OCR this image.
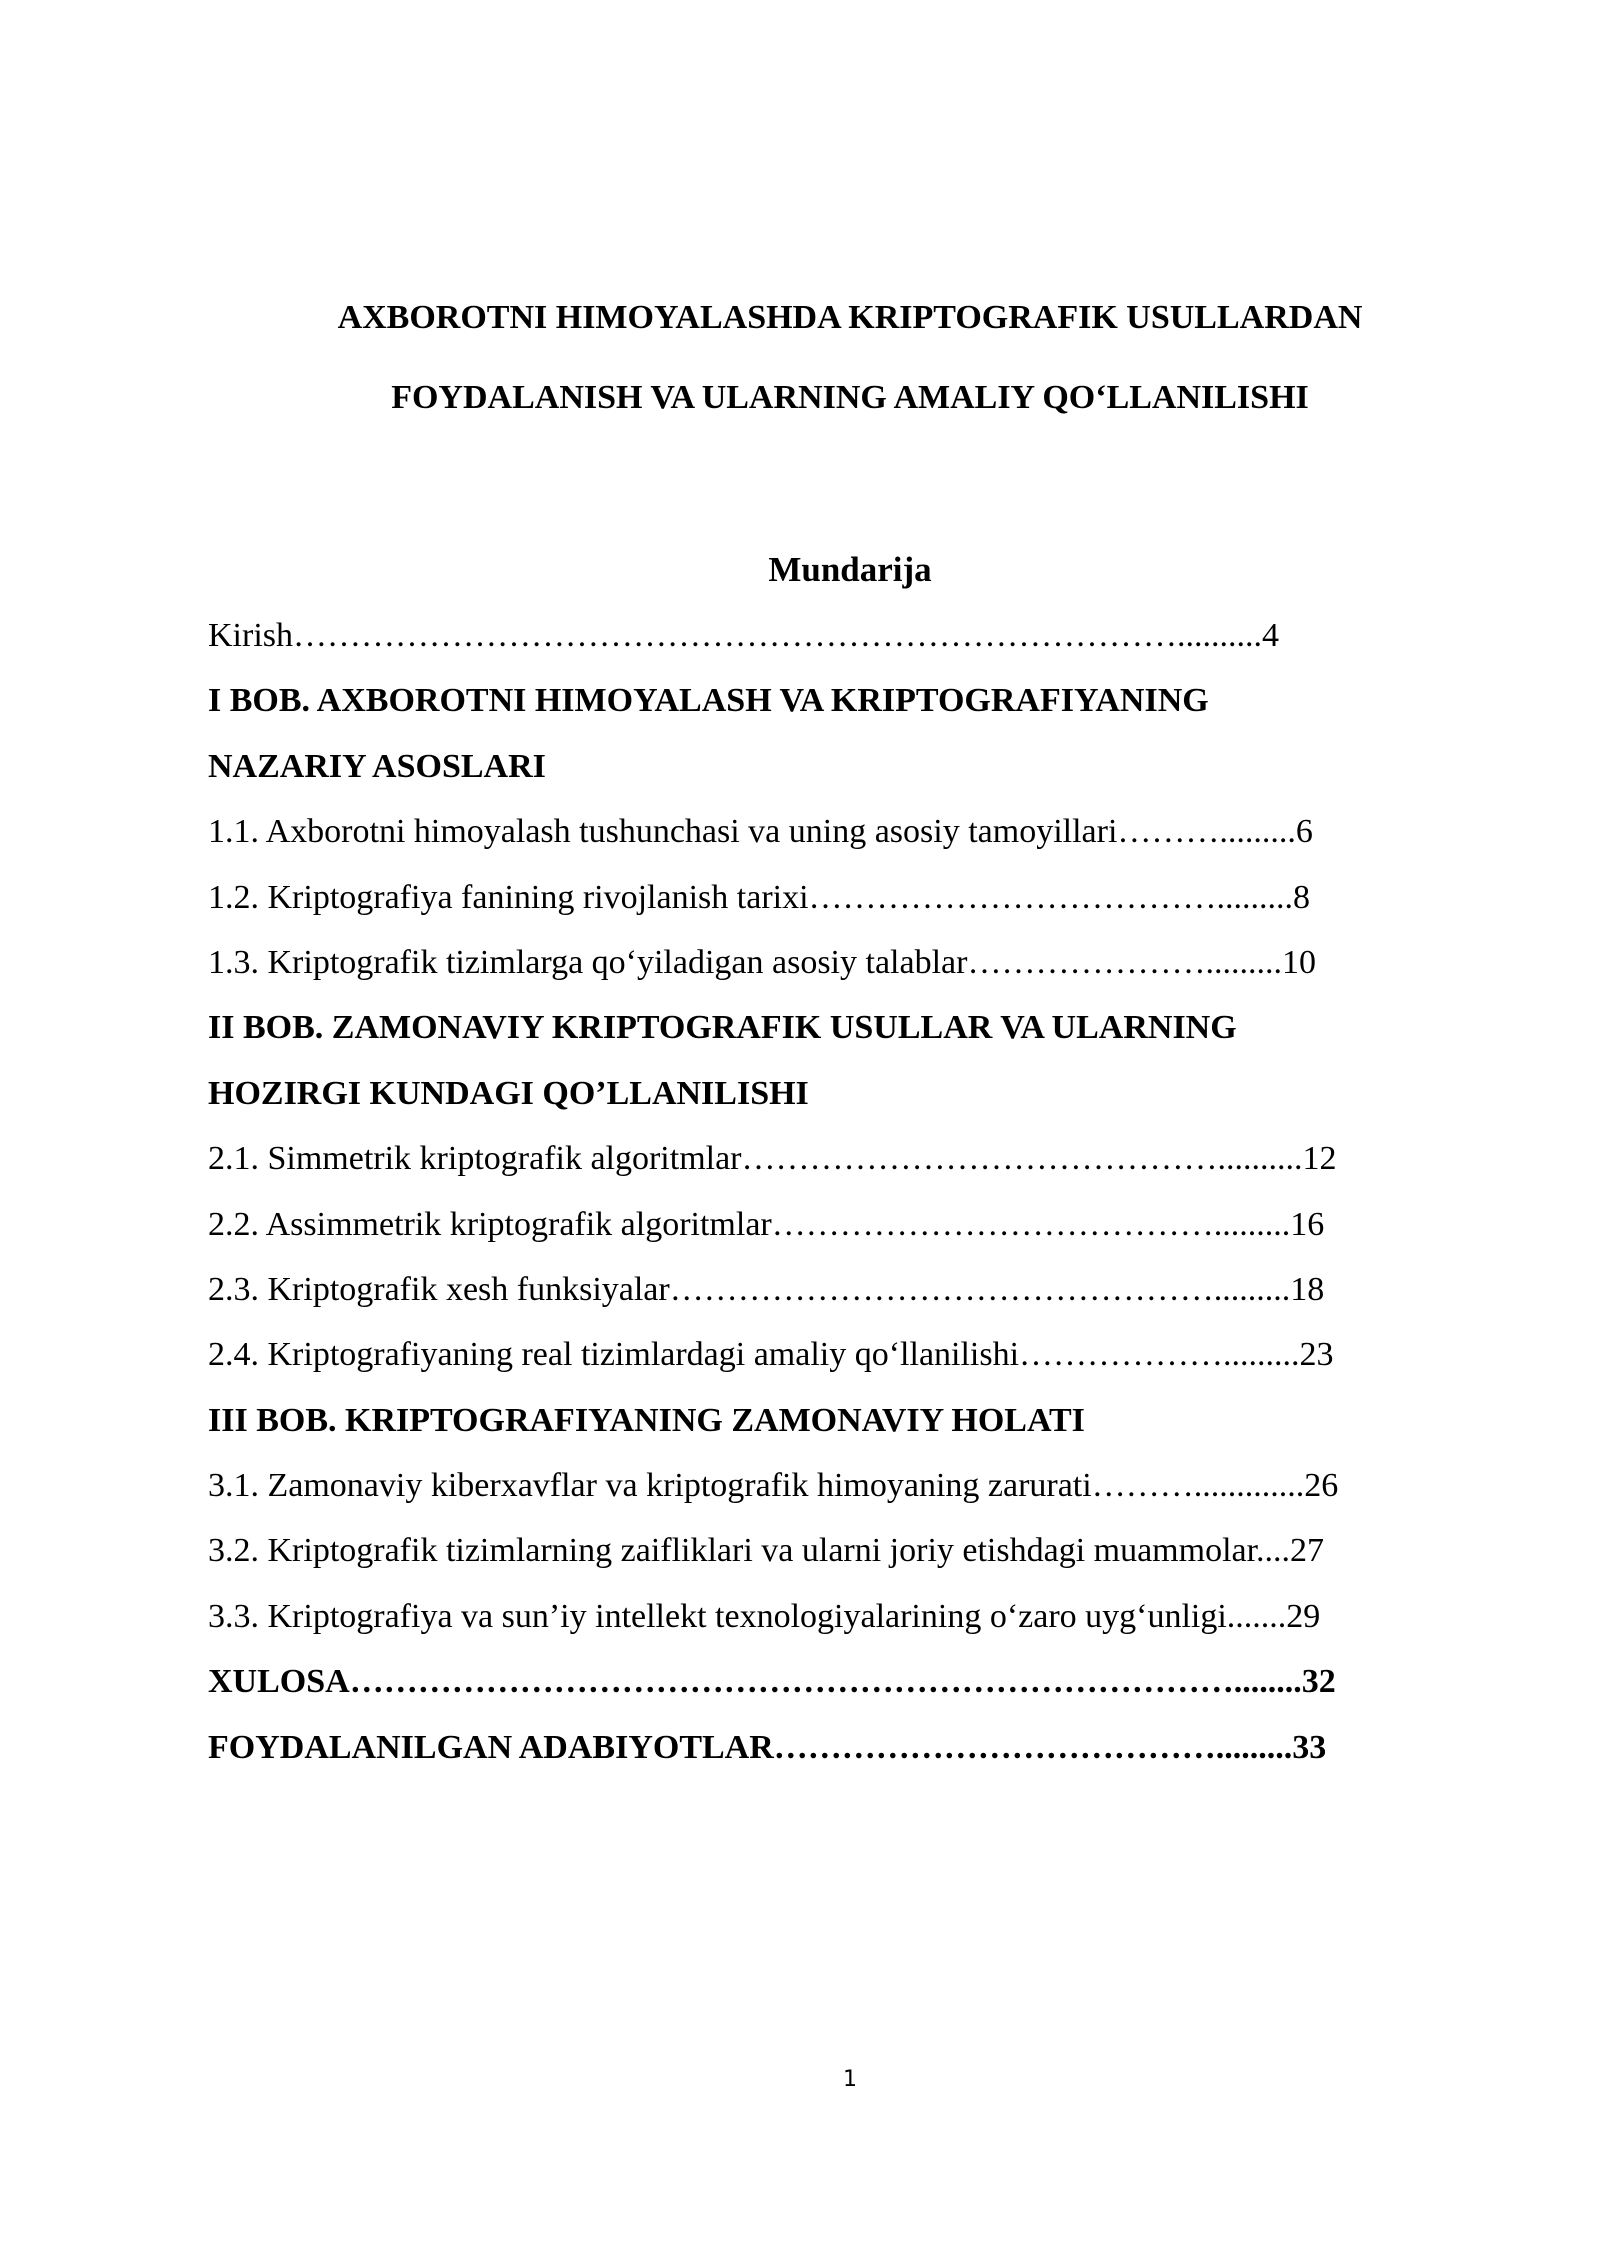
AXBOROTNI HIMOYALASHDA KRIPTOGRAFIK USULLARDAN
FOYDALANISH VA ULARNING AMALIY QO‘LLANILISHI
Mundarija
Kirish……………………………………………………………………..........4
I BOB. AXBOROTNI HIMOYALASH VA KRIPTOGRAFIYANING
NAZARIY ASOSLARI
1.1. Axborotni himoyalash tushunchasi va uning asosiy tamoyillari……….........6
1.2. Kriptografiya fanining rivojlanish tarixi……………………………….........8
1.3. Kriptografik tizimlarga qo‘yiladigan asosiy talablar………………….........10
II BOB. ZAMONAVIY KRIPTOGRAFIK USULLAR VA ULARNING
HOZIRGI KUNDAGI QO’LLANILISHI
2.1. Simmetrik kriptografik algoritmlar……………………………………..........12
2.2. Assimmetrik kriptografik algoritmlar………………………………….........16
2.3. Kriptografik xesh funksiyalar………………………………………….........18
2.4. Kriptografiyaning real tizimlardagi amaliy qo‘llanilishi……………….........23
III BOB. KRIPTOGRAFIYANING ZAMONAVIY HOLATI
3.1. Zamonaviy kiberxavflar va kriptografik himoyaning zarurati……….............26
3.2. Kriptografik tizimlarning zaifliklari va ularni joriy etishdagi muammolar....27
3.3. Kriptografiya va sun’iy intellekt texnologiyalarining o‘zaro uyg‘unligi.......29
XULOSA……………………………………………………………………........32
FOYDALANILGAN ADABIYOTLAR………………………………….........33
1
